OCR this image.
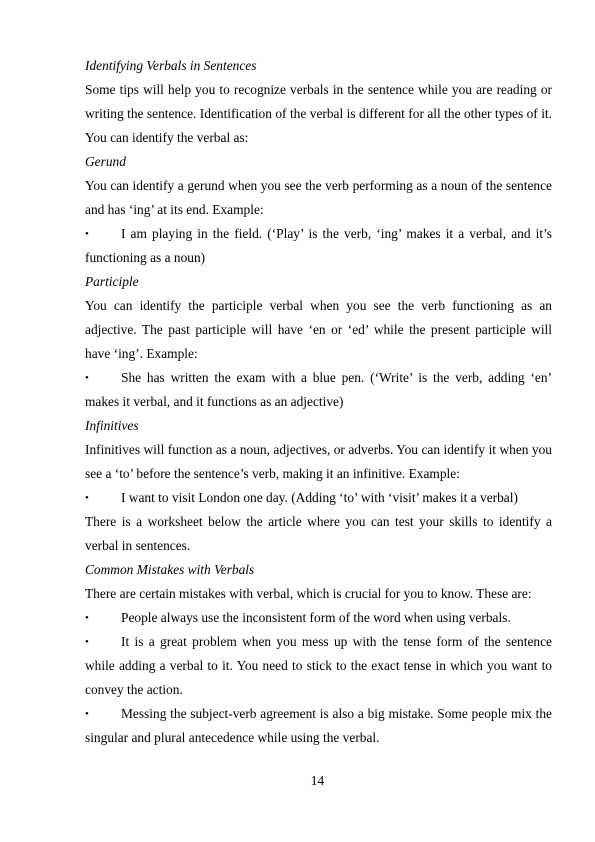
Identifying Verbals in Sentences

Some tips will help you to recognize verbals in the sentence while you are reading or writing the sentence. Identification of the verbal is different for all the other types of it. You can identify the verbal as:

Gerund

You can identify a gerund when you see the verb performing as a noun of the sentence and has ‘ing’ at its end. Example:

• I am playing in the field. (‘Play’ is the verb, ‘ing’ makes it a verbal, and it’s functioning as a noun)

Participle

You can identify the participle verbal when you see the verb functioning as an adjective. The past participle will have ‘en or ‘ed’ while the present participle will have ‘ing’. Example:

• She has written the exam with a blue pen. (‘Write’ is the verb, adding ‘en’ makes it verbal, and it functions as an adjective)

Infinitives

Infinitives will function as a noun, adjectives, or adverbs. You can identify it when you see a ‘to’ before the sentence’s verb, making it an infinitive. Example:

• I want to visit London one day. (Adding ‘to’ with ‘visit’ makes it a verbal)

There is a worksheet below the article where you can test your skills to identify a verbal in sentences.

Common Mistakes with Verbals

There are certain mistakes with verbal, which is crucial for you to know. These are:

• People always use the inconsistent form of the word when using verbals.

• It is a great problem when you mess up with the tense form of the sentence while adding a verbal to it. You need to stick to the exact tense in which you want to convey the action.

• Messing the subject-verb agreement is also a big mistake. Some people mix the singular and plural antecedence while using the verbal.

14
